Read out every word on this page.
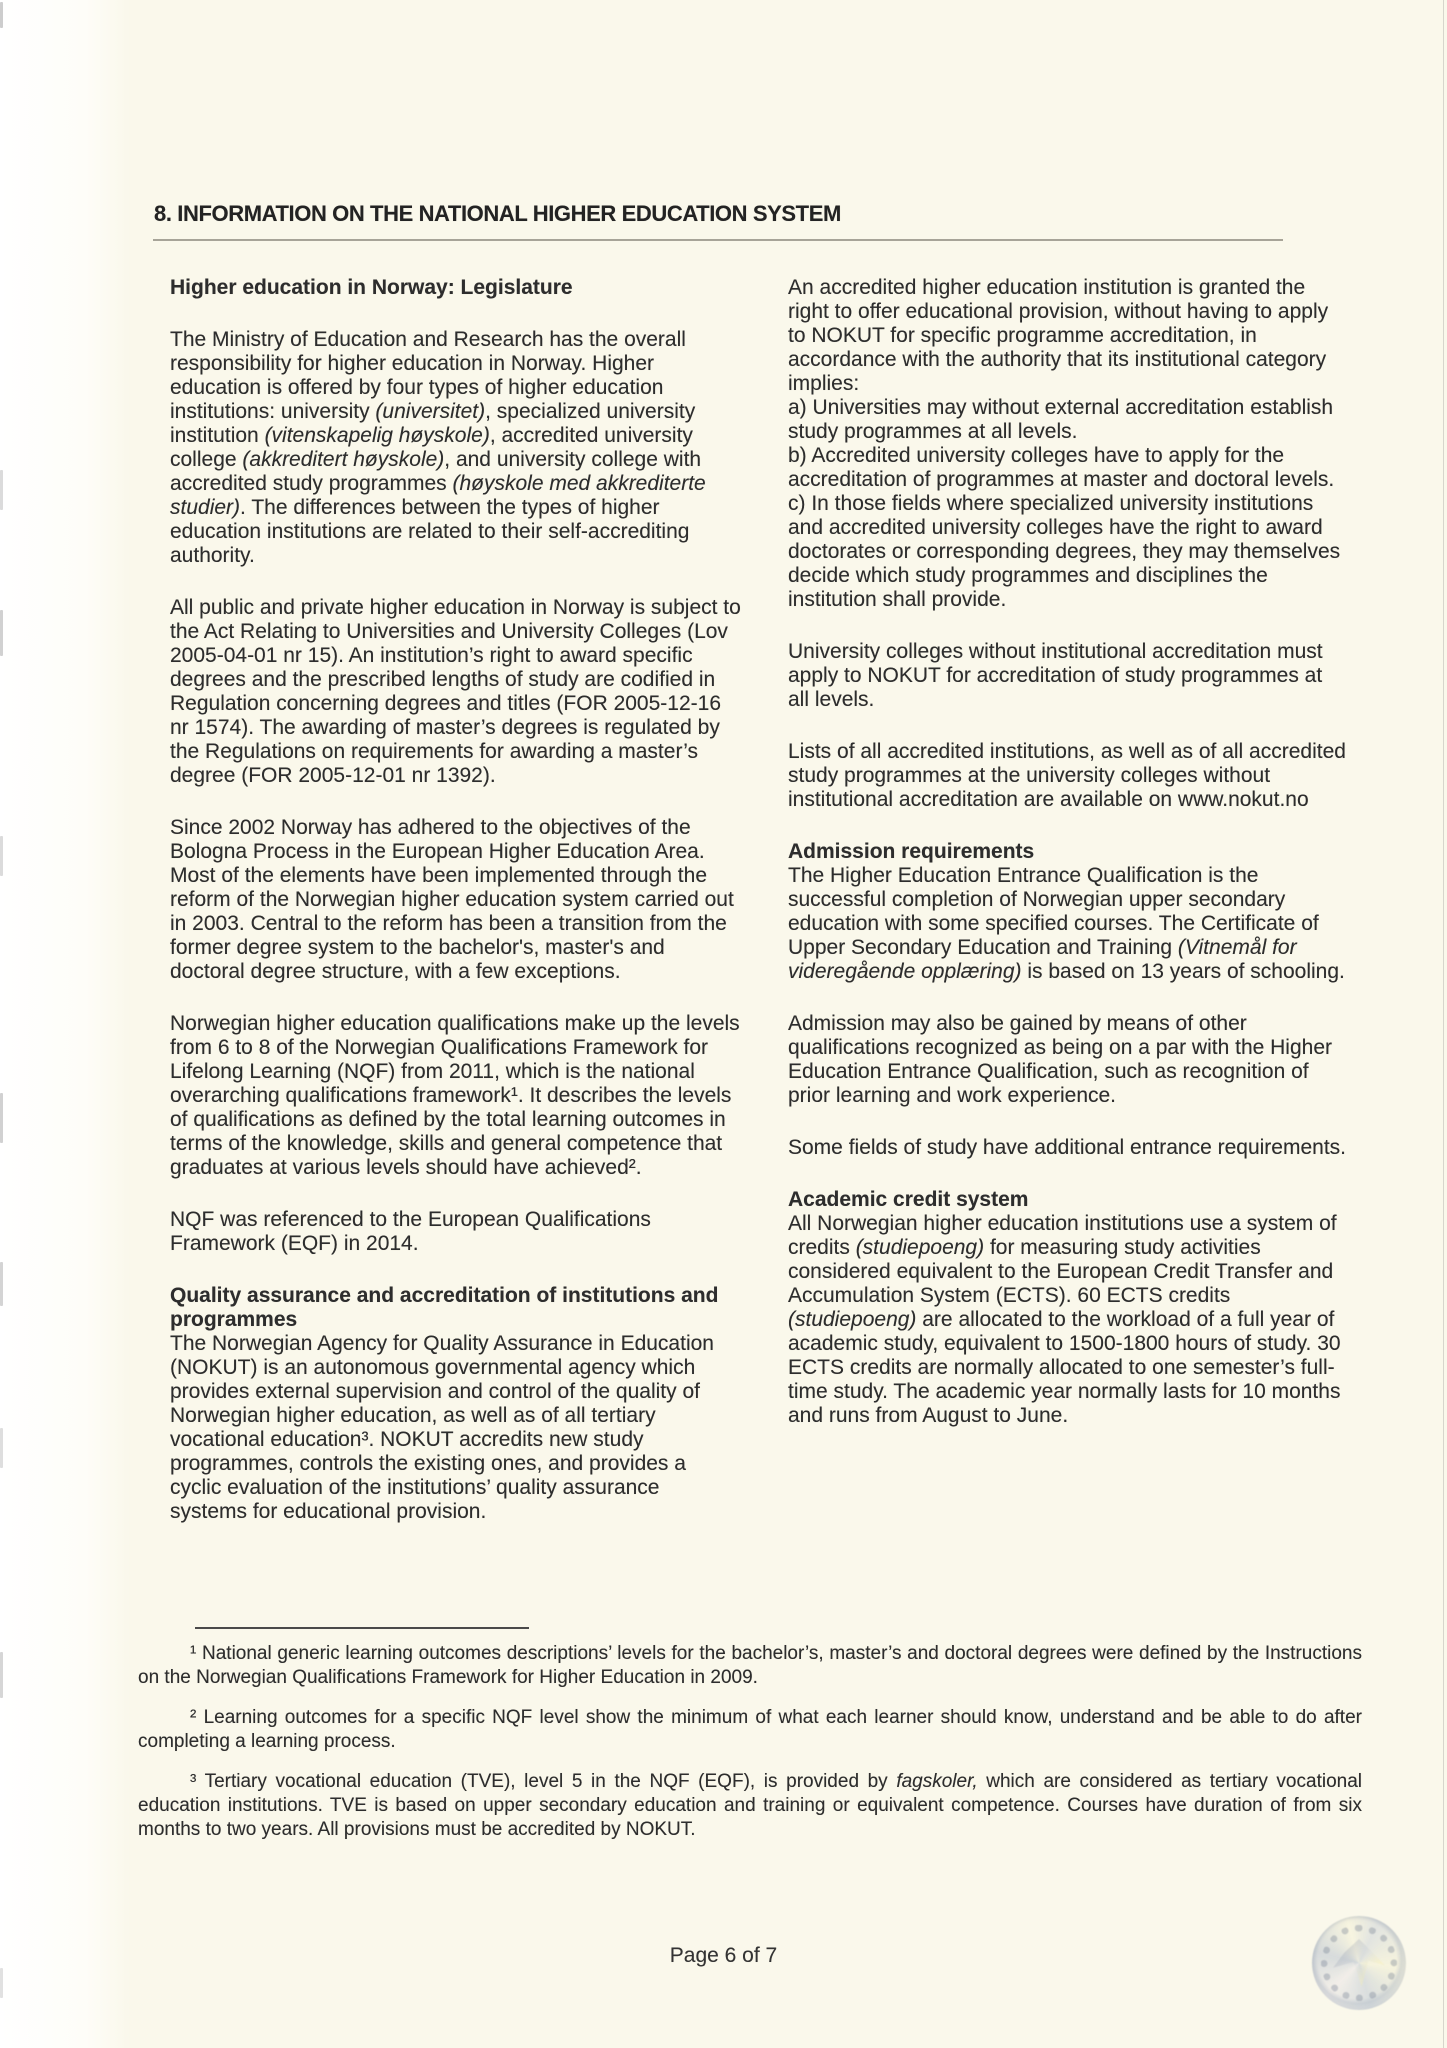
8. INFORMATION ON THE NATIONAL HIGHER EDUCATION SYSTEM
Higher education in Norway: Legislature
The Ministry of Education and Research has the overall responsibility for higher education in Norway. Higher education is offered by four types of higher education institutions: university (universitet), specialized university institution (vitenskapelig høyskole), accredited university college (akkreditert høyskole), and university college with accredited study programmes (høyskole med akkrediterte studier). The differences between the types of higher education institutions are related to their self-accrediting authority.
All public and private higher education in Norway is subject to the Act Relating to Universities and University Colleges (Lov 2005-04-01 nr 15). An institution’s right to award specific degrees and the prescribed lengths of study are codified in Regulation concerning degrees and titles (FOR 2005-12-16 nr 1574). The awarding of master’s degrees is regulated by the Regulations on requirements for awarding a master’s degree (FOR 2005-12-01 nr 1392).
Since 2002 Norway has adhered to the objectives of the Bologna Process in the European Higher Education Area. Most of the elements have been implemented through the reform of the Norwegian higher education system carried out in 2003. Central to the reform has been a transition from the former degree system to the bachelor's, master's and doctoral degree structure, with a few exceptions.
Norwegian higher education qualifications make up the levels from 6 to 8 of the Norwegian Qualifications Framework for Lifelong Learning (NQF) from 2011, which is the national overarching qualifications framework¹. It describes the levels of qualifications as defined by the total learning outcomes in terms of the knowledge, skills and general competence that graduates at various levels should have achieved².
NQF was referenced to the European Qualifications Framework (EQF) in 2014.
Quality assurance and accreditation of institutions and programmes
The Norwegian Agency for Quality Assurance in Education (NOKUT) is an autonomous governmental agency which provides external supervision and control of the quality of Norwegian higher education, as well as of all tertiary vocational education³. NOKUT accredits new study programmes, controls the existing ones, and provides a cyclic evaluation of the institutions’ quality assurance systems for educational provision.
An accredited higher education institution is granted the right to offer educational provision, without having to apply to NOKUT for specific programme accreditation, in accordance with the authority that its institutional category implies:
a) Universities may without external accreditation establish study programmes at all levels.
b) Accredited university colleges have to apply for the accreditation of programmes at master and doctoral levels.
c) In those fields where specialized university institutions and accredited university colleges have the right to award doctorates or corresponding degrees, they may themselves decide which study programmes and disciplines the institution shall provide.
University colleges without institutional accreditation must apply to NOKUT for accreditation of study programmes at all levels.
Lists of all accredited institutions, as well as of all accredited study programmes at the university colleges without institutional accreditation are available on www.nokut.no
Admission requirements
The Higher Education Entrance Qualification is the successful completion of Norwegian upper secondary education with some specified courses. The Certificate of Upper Secondary Education and Training (Vitnemål for videregående opplæring) is based on 13 years of schooling.
Admission may also be gained by means of other qualifications recognized as being on a par with the Higher Education Entrance Qualification, such as recognition of prior learning and work experience.
Some fields of study have additional entrance requirements.
Academic credit system
All Norwegian higher education institutions use a system of credits (studiepoeng) for measuring study activities considered equivalent to the European Credit Transfer and Accumulation System (ECTS). 60 ECTS credits (studiepoeng) are allocated to the workload of a full year of academic study, equivalent to 1500-1800 hours of study. 30 ECTS credits are normally allocated to one semester’s full-time study. The academic year normally lasts for 10 months and runs from August to June.
¹ National generic learning outcomes descriptions’ levels for the bachelor’s, master’s and doctoral degrees were defined by the Instructions on the Norwegian Qualifications Framework for Higher Education in 2009.
² Learning outcomes for a specific NQF level show the minimum of what each learner should know, understand and be able to do after completing a learning process.
³ Tertiary vocational education (TVE), level 5 in the NQF (EQF), is provided by fagskoler, which are considered as tertiary vocational education institutions. TVE is based on upper secondary education and training or equivalent competence. Courses have duration of from six months to two years. All provisions must be accredited by NOKUT.
Page 6 of 7
